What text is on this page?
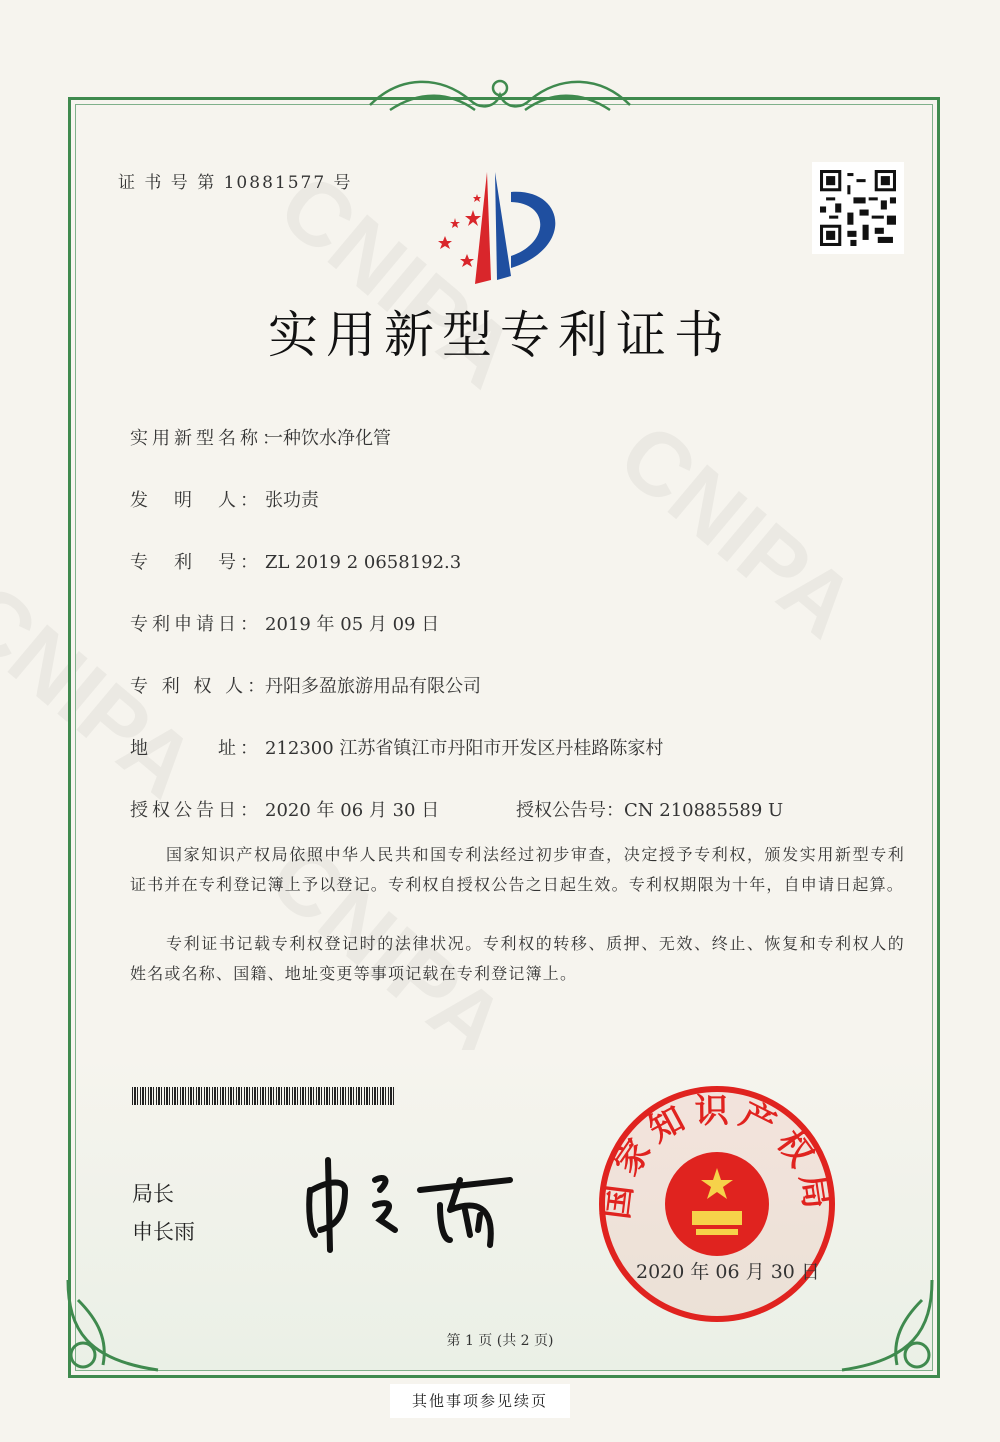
证 书 号 第 10881577 号
实用新型专利证书
实用新型名称：一种饮水净化管
发　明　人： 张功责
专　利　号： ZL 2019 2 0658192.3
专利申请日： 2019 年 05 月 09 日
专 利 权 人：丹阳多盈旅游用品有限公司
地　　　址： 212300 江苏省镇江市丹阳市开发区丹桂路陈家村
授权公告日： 2020 年 06 月 30 日	授权公告号：CN 210885589 U
国家知识产权局依照中华人民共和国专利法经过初步审查，决定授予专利权，颁发实用新型专利证书并在专利登记簿上予以登记。专利权自授权公告之日起生效。专利权期限为十年，自申请日起算。
专利证书记载专利权登记时的法律状况。专利权的转移、质押、无效、终止、恢复和专利权人的姓名或名称、国籍、地址变更等事项记载在专利登记簿上。
局长
申长雨
国家知识产权局
2020 年 06 月 30 日
第 1 页 (共 2 页)
其他事项参见续页
